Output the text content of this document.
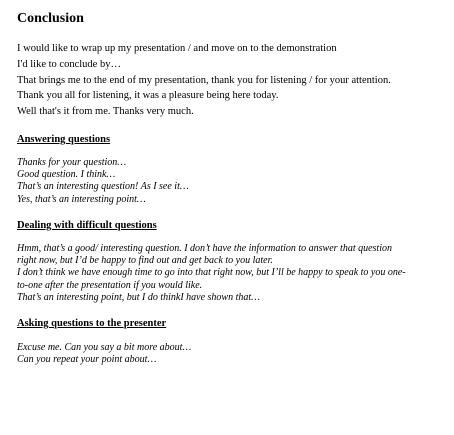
Conclusion

I would like to wrap up my presentation / and move on to the demonstration

I'd like to conclude by…

That brings me to the end of my presentation, thank you for listening / for your attention.

Thank you all for listening, it was a pleasure being here today.

Well that's it from me. Thanks very much.

Answering questions

Thanks for your question…

Good question. I think…

That’s an interesting question! As I see it…

Yes, that’s an interesting point…

Dealing with difficult questions

Hmm, that’s a good/ interesting question. I don’t have the information to answer that question

right now, but I’d be happy to find out and get back to you later.

I don’t think we have enough time to go into that right now, but I’ll be happy to speak to you one-

to-one after the presentation if you would like.

That’s an interesting point, but I do thinkI have shown that…

Asking questions to the presenter

Excuse me. Can you say a bit more about…

Can you repeat your point about…
